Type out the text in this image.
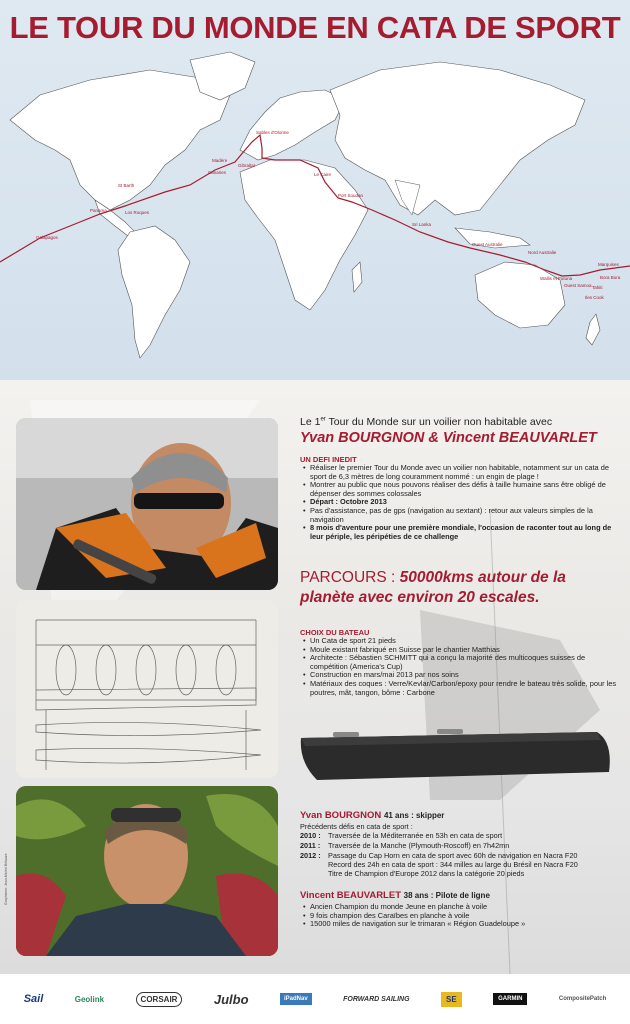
Galapagos
Panama
St Barth
Los Roques
Madère
Canaries
Sables d'Olonne
Gibraltar
Le Caire
Port Soudan
Sri Lanka
Ouest Australie
Nord Australie
Ouest Samoa
Wallis et Futuna
Tahiti
Marquises
Bora Bora
Iles Cook
LE TOUR DU MONDE EN CATA DE SPORT
Graphisme: Jean-Michel Bélauze
Le 1er Tour du Monde sur un voilier non habitable avec
Yvan BOURGNON & Vincent BEAUVARLET
UN DEFI INEDIT
• Réaliser le premier Tour du Monde avec un voilier non habitable, notamment sur un cata de sport de 6,3 mètres de long couramment nommé : un engin de plage !
• Montrer au public que nous pouvons réaliser des défis à taille humaine sans être obligé de dépenser des sommes colossales
• Départ : Octobre 2013
• Pas d'assistance, pas de gps (navigation au sextant) : retour aux valeurs simples de la navigation
• 8 mois d'aventure pour une première mondiale, l'occasion de raconter tout au long de leur périple, les péripéties de ce challenge
PARCOURS : 50000kms autour de la planète avec environ 20 escales.
CHOIX DU BATEAU
• Un Cata de sport 21 pieds
• Moule existant fabriqué en Suisse par le chantier Matthias
• Architecte : Sébastien SCHMITT qui a conçu la majorité des multicoques suisses de compétition (America's Cup)
• Construction en mars/mai 2013 par nos soins
• Matériaux des coques : Verre/Kevlar/Carbon/epoxy pour rendre le bateau très solide, pour les poutres, mât, tangon, bôme : Carbone
Yvan BOURGNON 41 ans : skipper
Précédents défis en cata de sport :
2010 : Traversée de la Méditerranée en 53h en cata de sport
2011 : Traversée de la Manche (Plymouth-Roscoff) en 7h42mn
2012 : Passage du Cap Horn en cata de sport avec 60h de navigation en Nacra F20
Record des 24h en cata de sport : 344 milles au large du Brésil en Nacra F20
Titre de Champion d'Europe 2012 dans la catégorie 20 pieds
Vincent BEAUVARLET 38 ans : Pilote de ligne
• Ancien Champion du monde Jeune en planche à voile
• 9 fois champion des Caraïbes en planche à voile
• 15000 miles de navigation sur le trimaran « Région Guadeloupe »
Sail	Geolink	CORSAIR	Julbo	iPadNav	FORWARD SAILING	SE	GARMIN	CompositePatch
